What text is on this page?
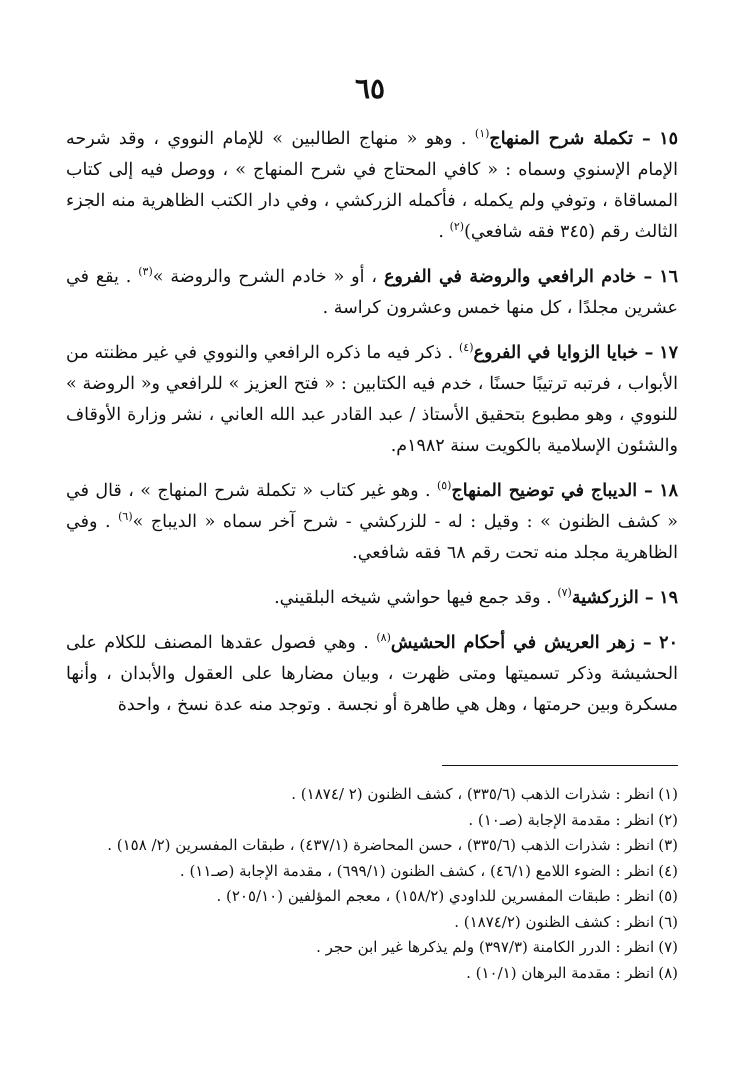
٦٥

١٥ – تكملة شرح المنهاج$^{(١)}$ . وهو « منهاج الطالبين » للإمام النووي ، وقد شرحه الإمام الإسنوي وسماه : « كافي المحتاج في شرح المنهاج » ، ووصل فيه إلى كتاب المساقاة ، وتوفي ولم يكمله ، فأكمله الزركشي ، وفي دار الكتب الظاهرية منه الجزء الثالث رقم (٣٤٥ فقه شافعي)$^{(٢)}$ .

١٦ – خادم الرافعي والروضة في الفروع ، أو « خادم الشرح والروضة »$^{(٣)}$ . يقع في عشرين مجلدًا ، كل منها خمس وعشرون كراسة .

١٧ – خبايا الزوايا في الفروع$^{(٤)}$ . ذكر فيه ما ذكره الرافعي والنووي في غير مظنته من الأبواب ، فرتبه ترتيبًا حسنًا ، خدم فيه الكتابين : « فتح العزيز » للرافعي و« الروضة » للنووي ، وهو مطبوع بتحقيق الأستاذ / عبد القادر عبد الله العاني ، نشر وزارة الأوقاف والشئون الإسلامية بالكويت سنة ١٩٨٢م.

١٨ – الديباج في توضيح المنهاج$^{(٥)}$ . وهو غير كتاب « تكملة شرح المنهاج » ، قال في « كشف الظنون » : وقيل : له - للزركشي - شرح آخر سماه « الديباج »$^{(٦)}$ . وفي الظاهرية مجلد منه تحت رقم ٦٨ فقه شافعي.

١٩ – الزركشية$^{(٧)}$ . وقد جمع فيها حواشي شيخه البلقيني.

٢٠ – زهر العريش في أحكام الحشيش$^{(٨)}$ . وهي فصول عقدها المصنف للكلام على الحشيشة وذكر تسميتها ومتى ظهرت ، وبيان مضارها على العقول والأبدان ، وأنها مسكرة وبين حرمتها ، وهل هي طاهرة أو نجسة . وتوجد منه عدة نسخ ، واحدة

(١)انظر : شذرات الذهب (٣٣٥/٦) ، كشف الظنون (٢ /١٨٧٤) .

(٢)انظر : مقدمة الإجابة (صـ١٠) .

(٣)انظر : شذرات الذهب (٣٣٥/٦) ، حسن المحاضرة (٤٣٧/١) ، طبقات المفسرين (٢/ ١٥٨) .

(٤)انظر : الضوء اللامع (٤٦/١) ، كشف الظنون (٦٩٩/١) ، مقدمة الإجابة (صـ١١) .

(٥)انظر : طبقات المفسرين للداودي (١٥٨/٢) ، معجم المؤلفين (٢٠٥/١٠) .

(٦)انظر : كشف الظنون (١٨٧٤/٢) .

(٧)انظر : الدرر الكامنة (٣٩٧/٣) ولم يذكرها غير ابن حجر .

(٨)انظر : مقدمة البرهان (١٠/١) .
